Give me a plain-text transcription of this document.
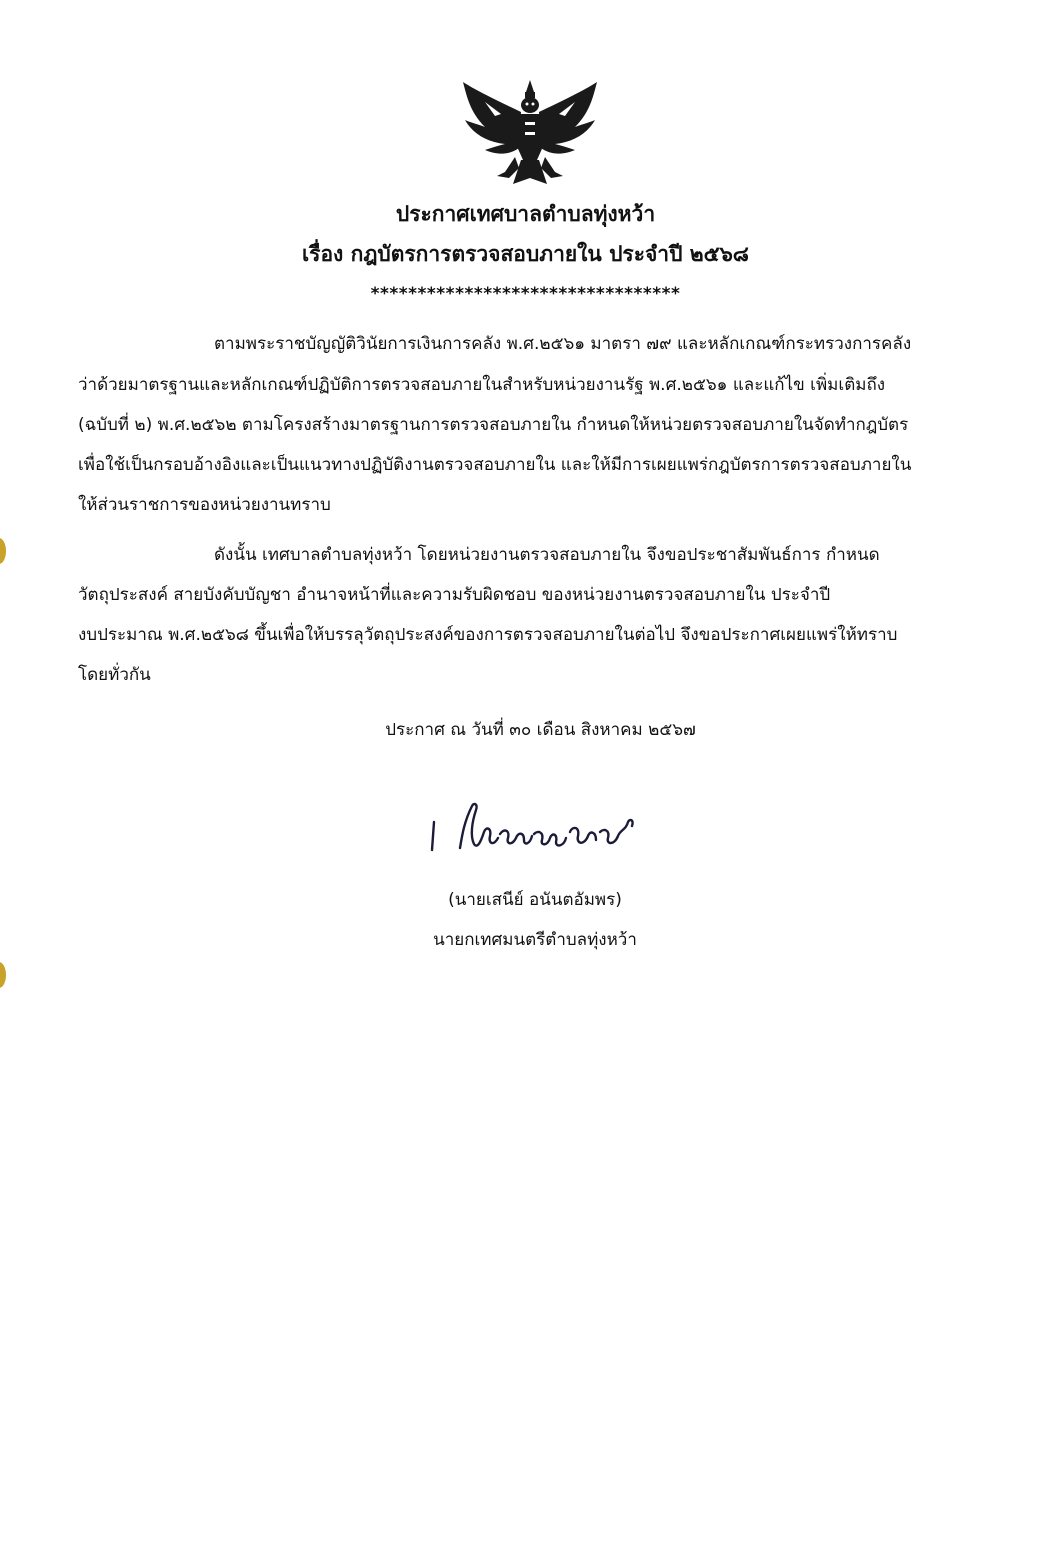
ประกาศเทศบาลตำบลทุ่งหว้า
เรื่อง กฎบัตรการตรวจสอบภายใน ประจำปี ๒๕๖๘
*********************************
ตามพระราชบัญญัติวินัยการเงินการคลัง พ.ศ.๒๕๖๑ มาตรา ๗๙ และหลักเกณฑ์กระทรวงการคลัง
ว่าด้วยมาตรฐานและหลักเกณฑ์ปฏิบัติการตรวจสอบภายในสำหรับหน่วยงานรัฐ พ.ศ.๒๕๖๑ และแก้ไข เพิ่มเติมถึง
(ฉบับที่ ๒) พ.ศ.๒๕๖๒ ตามโครงสร้างมาตรฐานการตรวจสอบภายใน กำหนดให้หน่วยตรวจสอบภายในจัดทำกฎบัตร
เพื่อใช้เป็นกรอบอ้างอิงและเป็นแนวทางปฏิบัติงานตรวจสอบภายใน และให้มีการเผยแพร่กฎบัตรการตรวจสอบภายใน
ให้ส่วนราชการของหน่วยงานทราบ
ดังนั้น เทศบาลตำบลทุ่งหว้า โดยหน่วยงานตรวจสอบภายใน จึงขอประชาสัมพันธ์การ กำหนด
วัตถุประสงค์ สายบังคับบัญชา อำนาจหน้าที่และความรับผิดชอบ ของหน่วยงานตรวจสอบภายใน ประจำปี
งบประมาณ พ.ศ.๒๕๖๘ ขึ้นเพื่อให้บรรลุวัตถุประสงค์ของการตรวจสอบภายในต่อไป จึงขอประกาศเผยแพร่ให้ทราบ
โดยทั่วกัน
ประกาศ ณ วันที่ ๓๐ เดือน สิงหาคม ๒๕๖๗
(นายเสนีย์ อนันตอัมพร)
นายกเทศมนตรีตำบลทุ่งหว้า
